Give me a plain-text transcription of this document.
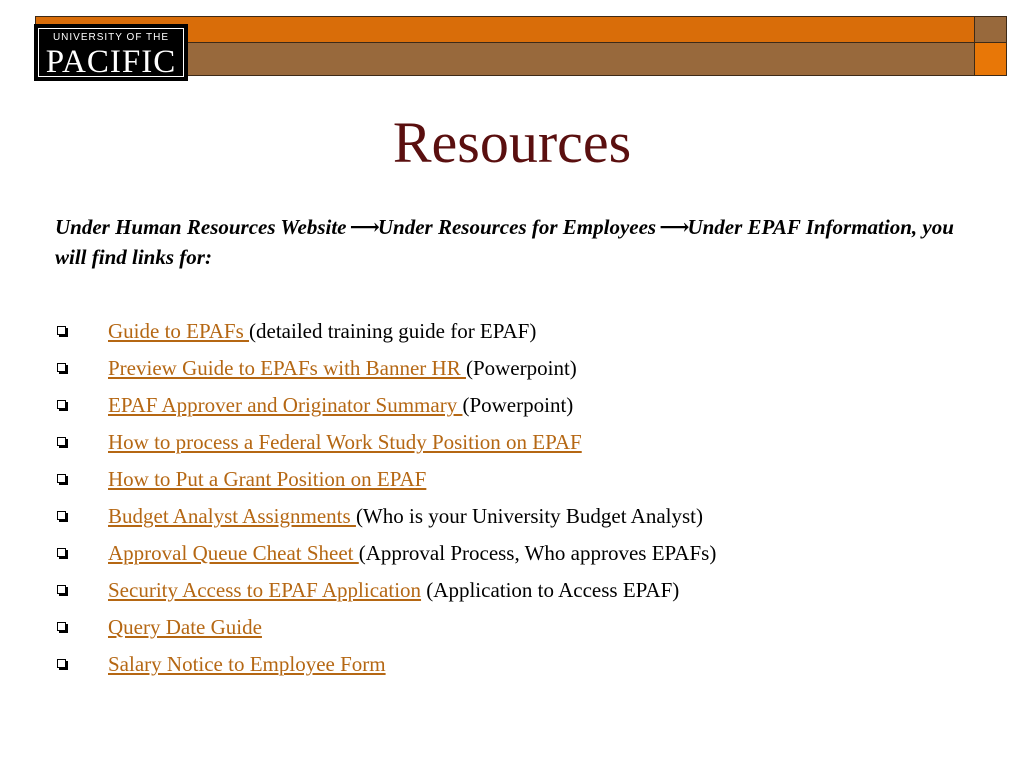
UNIVERSITY OF THE
PACIFIC
Resources
Under Human Resources Website ⟶Under Resources for Employees ⟶Under EPAF Information, you will find links for:
Guide to EPAFs (detailed training guide for EPAF)
Preview Guide to EPAFs with Banner HR (Powerpoint)
EPAF Approver and Originator Summary (Powerpoint)
How to process a Federal Work Study Position on EPAF
How to Put a Grant Position on EPAF
Budget Analyst Assignments (Who is your University Budget Analyst)
Approval Queue Cheat Sheet (Approval Process, Who approves EPAFs)
Security Access to EPAF Application (Application to Access EPAF)
Query Date Guide
Salary Notice to Employee Form
